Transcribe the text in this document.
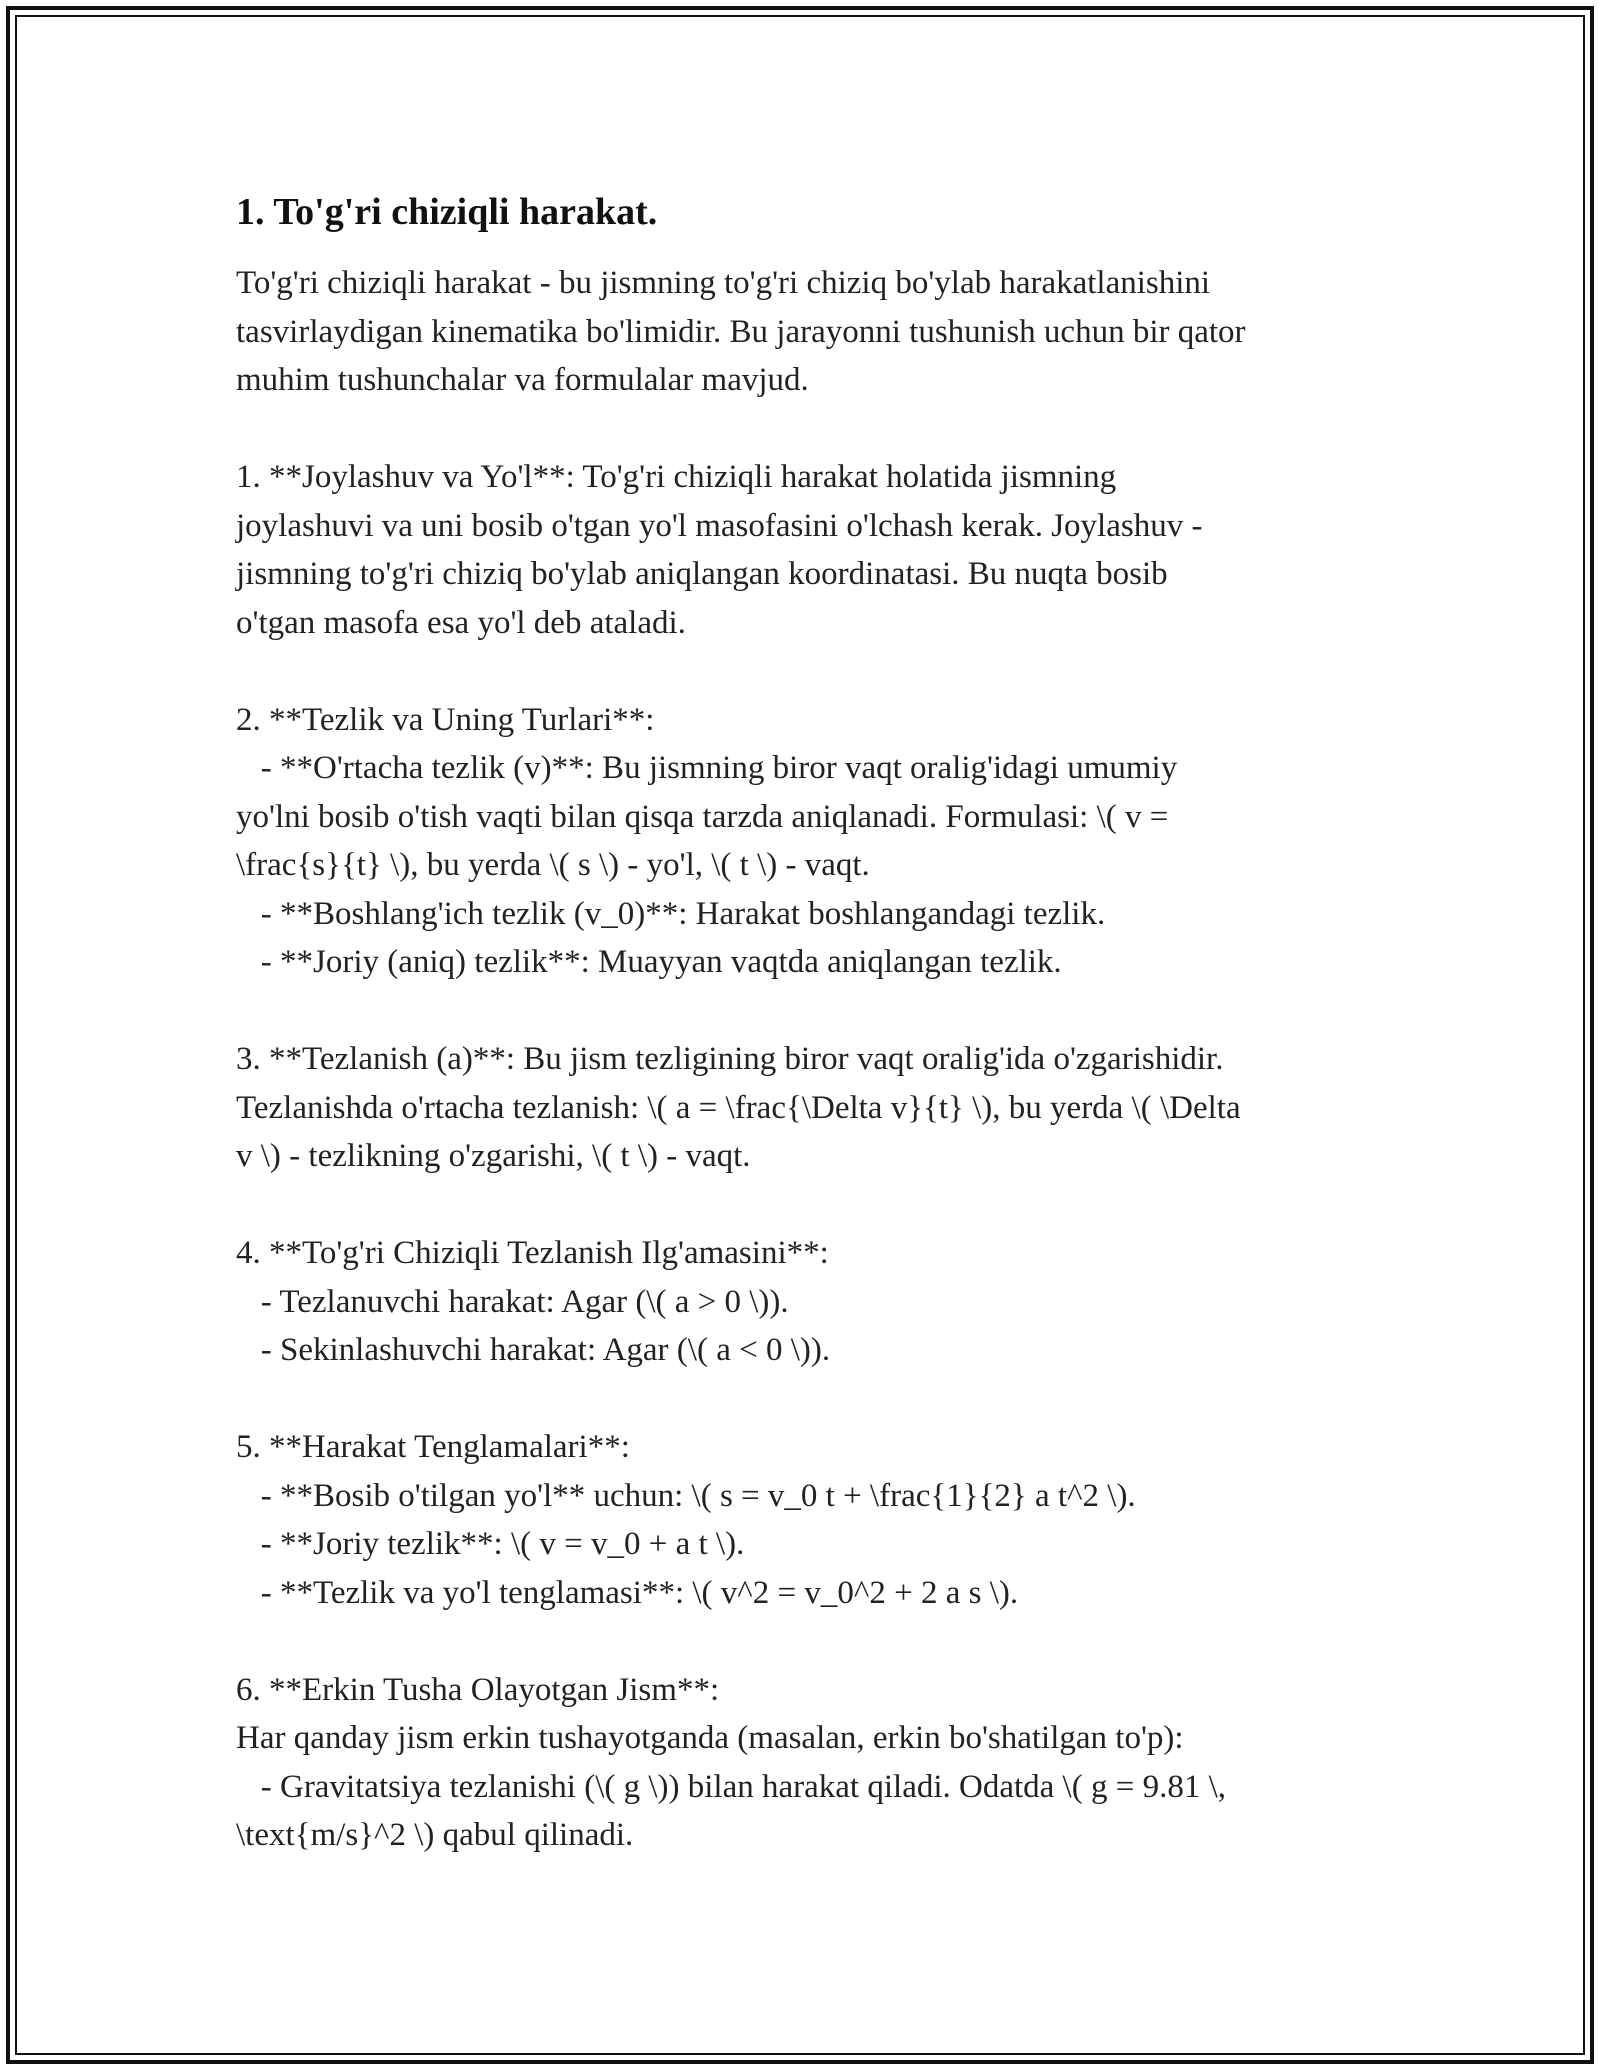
1. To'g'ri chiziqli harakat.
To'g'ri chiziqli harakat - bu jismning to'g'ri chiziq bo'ylab harakatlanishini
tasvirlaydigan kinematika bo'limidir. Bu jarayonni tushunish uchun bir qator
muhim tushunchalar va formulalar mavjud.

1. **Joylashuv va Yo'l**: To'g'ri chiziqli harakat holatida jismning
joylashuvi va uni bosib o'tgan yo'l masofasini o'lchash kerak. Joylashuv -
jismning to'g'ri chiziq bo'ylab aniqlangan koordinatasi. Bu nuqta bosib
o'tgan masofa esa yo'l deb ataladi.

2. **Tezlik va Uning Turlari**:
- **O'rtacha tezlik (v)**: Bu jismning biror vaqt oralig'idagi umumiy
yo'lni bosib o'tish vaqti bilan qisqa tarzda aniqlanadi. Formulasi: \( v =
\frac{s}{t} \), bu yerda \( s \) - yo'l, \( t \) - vaqt.
- **Boshlang'ich tezlik (v_0)**: Harakat boshlangandagi tezlik.
- **Joriy (aniq) tezlik**: Muayyan vaqtda aniqlangan tezlik.

3. **Tezlanish (a)**: Bu jism tezligining biror vaqt oralig'ida o'zgarishidir.
Tezlanishda o'rtacha tezlanish: \( a = \frac{\Delta v}{t} \), bu yerda \( \Delta
v \) - tezlikning o'zgarishi, \( t \) - vaqt.

4. **To'g'ri Chiziqli Tezlanish Ilg'amasini**:
- Tezlanuvchi harakat: Agar (\( a > 0 \)).
- Sekinlashuvchi harakat: Agar (\( a < 0 \)).

5. **Harakat Tenglamalari**:
- **Bosib o'tilgan yo'l** uchun: \( s = v_0 t + \frac{1}{2} a t^2 \).
- **Joriy tezlik**: \( v = v_0 + a t \).
- **Tezlik va yo'l tenglamasi**: \( v^2 = v_0^2 + 2 a s \).

6. **Erkin Tusha Olayotgan Jism**:
Har qanday jism erkin tushayotganda (masalan, erkin bo'shatilgan to'p):
- Gravitatsiya tezlanishi (\( g \)) bilan harakat qiladi. Odatda \( g = 9.81 \,
\text{m/s}^2 \) qabul qilinadi.
